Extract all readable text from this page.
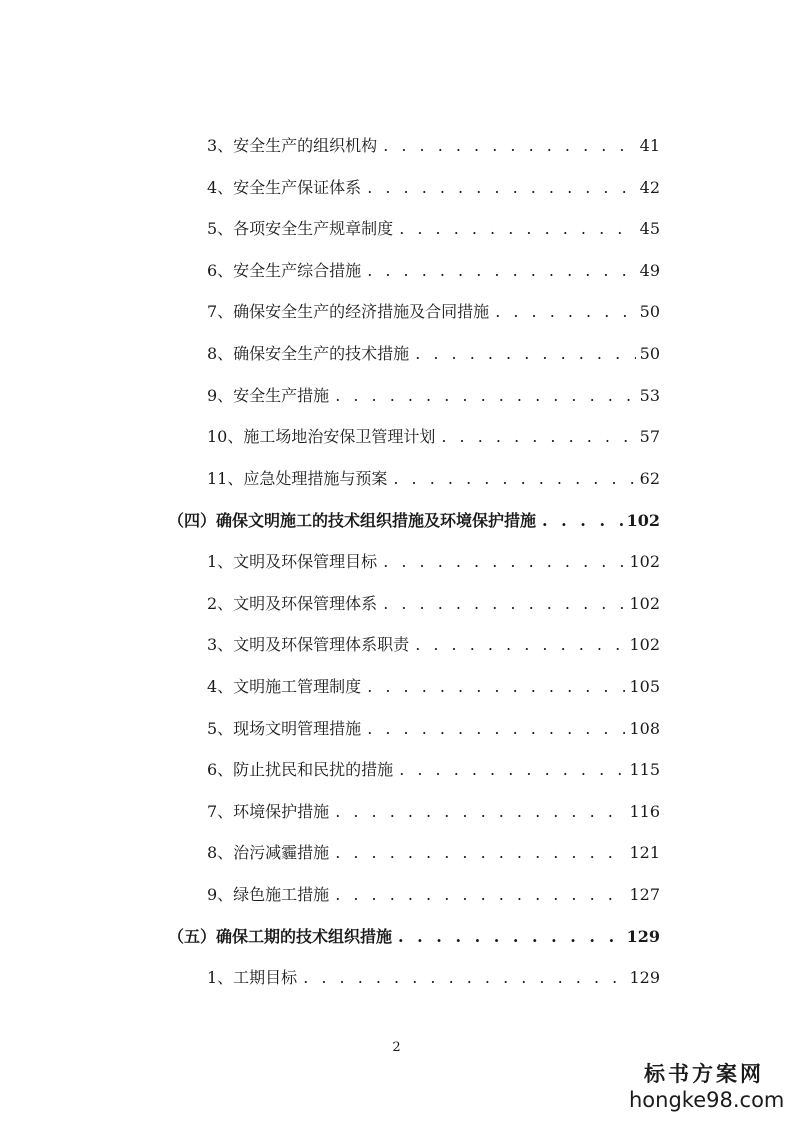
3、安全生产的组织机构 . . .	41
4、安全生产保证体系 . . .	42
5、各项安全生产规章制度 . . .	45
6、安全生产综合措施 . . .	49
7、确保安全生产的经济措施及合同措施 . . .	50
8、确保安全生产的技术措施 . . .	50
9、安全生产措施 . . .	53
10、施工场地治安保卫管理计划 . . .	57
11、应急处理措施与预案 . . .	62
（四）确保文明施工的技术组织措施及环境保护措施 . . .	102
1、文明及环保管理目标 . . .	102
2、文明及环保管理体系 . . .	102
3、文明及环保管理体系职责 . . .	102
4、文明施工管理制度 . . .	105
5、现场文明管理措施 . . .	108
6、防止扰民和民扰的措施 . . .	115
7、环境保护措施 . . .	116
8、治污减霾措施 . . .	121
9、绿色施工措施 . . .	127
（五）确保工期的技术组织措施 . . .	129
1、工期目标 . . .	129
2
标书方案网
hongke98.com
